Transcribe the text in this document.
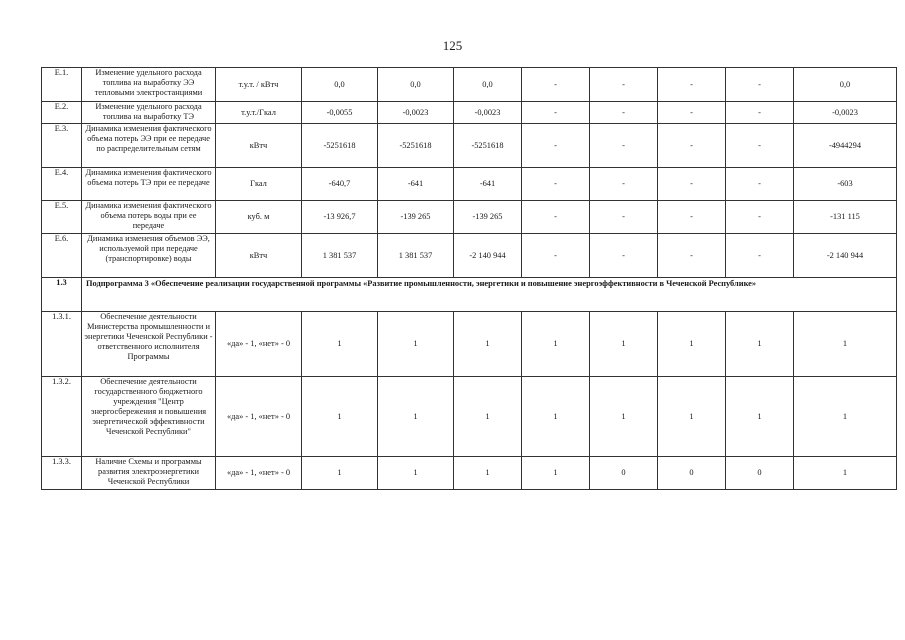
125
Е.1.	Изменение удельного расхода топлива на выработку ЭЭ тепловыми электростанциями	т.у.т. / кВтч	0,0	0,0	0,0	-	-	-	-	0,0
Е.2.	Изменение удельного расхода топлива на выработку ТЭ	т.у.т./Гкал	-0,0055	-0,0023	-0,0023	-	-	-	-	-0,0023
Е.3.	Динамика изменения фактического объема потерь ЭЭ при ее передаче по распределительным сетям	кВтч	-5251618	-5251618	-5251618	-	-	-	-	-4944294
Е.4.	Динамика изменения фактического объема потерь ТЭ при ее передаче	Гкал	-640,7	-641	-641	-	-	-	-	-603
Е.5.	Динамика изменения фактического объема потерь воды при ее передаче	куб. м	-13 926,7	-139 265	-139 265	-	-	-	-	-131 115
Е.6.	Динамика изменения объемов ЭЭ, используемой при передаче (транспортировке) воды	кВтч	1 381 537	1 381 537	-2 140 944	-	-	-	-	-2 140 944
1.3	Подпрограмма 3 «Обеспечение реализации государственной программы «Развитие промышленности, энергетики и повышение энергоэффективности в Чеченской Республике»									
1.3.1.	Обеспечение деятельности Министерства промышленности и энергетики Чеченской Республики - ответственного исполнителя Программы	«да» - 1, «нет» - 0	1	1	1	1	1	1	1	1
1.3.2.	Обеспечение деятельности государственного бюджетного учреждения "Центр энергосбережения и повышения энергетической эффективности Чеченской Республики"	«да» - 1, «нет» - 0	1	1	1	1	1	1	1	1
1.3.3.	Наличие Схемы и программы развития электроэнергетики Чеченской Республики	«да» - 1, «нет» - 0	1	1	1	1	0	0	0	1
